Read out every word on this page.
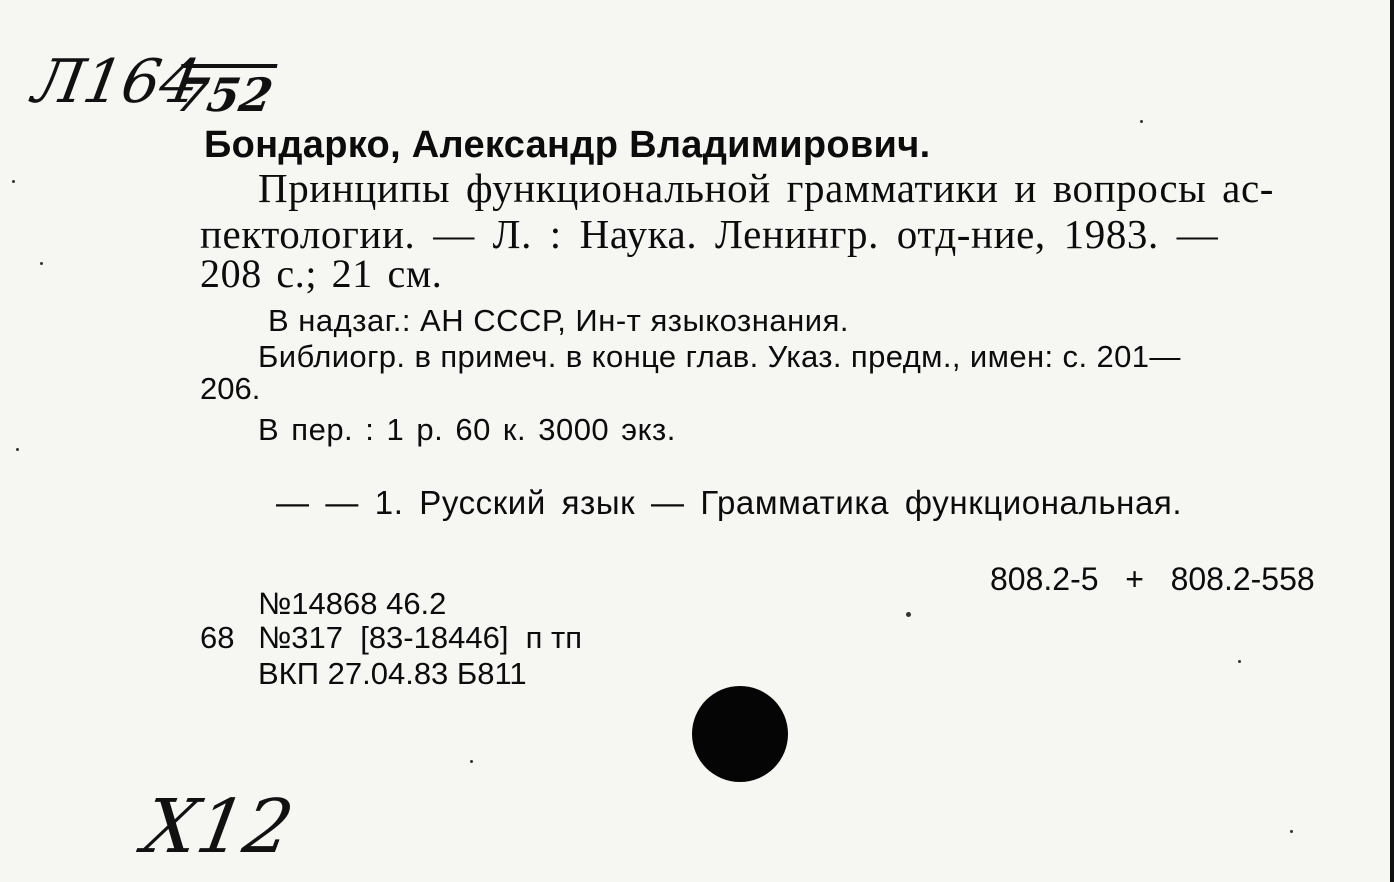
Л164
752
X12
Бондарко, Александр Владимирович.
Принципы функциональной грамматики и вопросы ас-
пектологии. — Л. : Наука. Ленингр. отд-ние, 1983. —
208 с.; 21 см.
В надзаг.: АН СССР, Ин-т языкознания.
Библиогр. в примеч. в конце глав. Указ. предм., имен: с. 201—
206.
В пер. : 1 р. 60 к. 3000 экз.
— — 1. Русский язык — Грамматика функциональная.
808.2-5   +   808.2-558
№14868 46.2
68 №317  [83-18446]  п тп
ВКП 27.04.83 Б811
